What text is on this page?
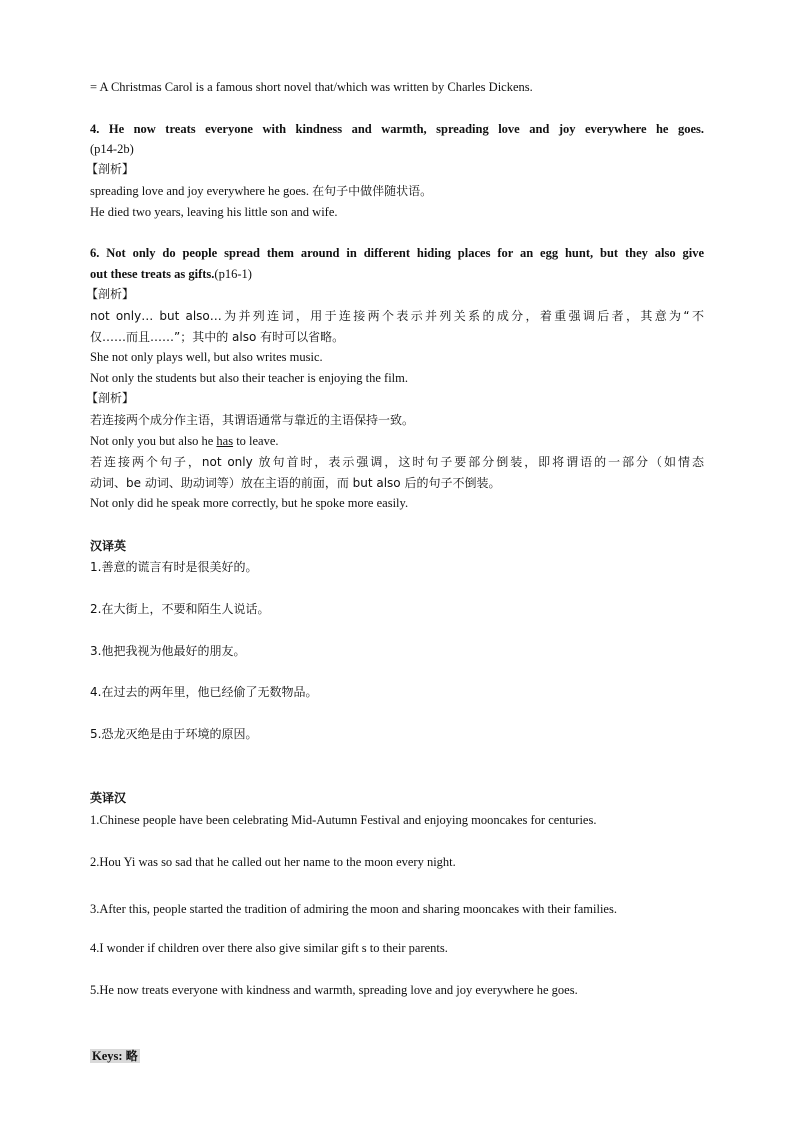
= A Christmas Carol is a famous short novel that/which was written by Charles Dickens.
4. He now treats everyone with kindness and warmth, spreading love and joy everywhere he goes.
(p14-2b)
【剖析】
spreading love and joy everywhere he goes. 在句子中做伴随状语。
He died two years, leaving his little son and wife.
6. Not only do people spread them around in different hiding places for an egg hunt, but they also give
out these treats as gifts.(p16-1)
【剖析】
not only… but also…为并列连词，用于连接两个表示并列关系的成分，着重强调后者，其意为“不
仅……而且……”；其中的 also 有时可以省略。
She not only plays well, but also writes music.
Not only the students but also their teacher is enjoying the film.
【剖析】
若连接两个成分作主语，其谓语通常与靠近的主语保持一致。
Not only you but also he has to leave.
若连接两个句子，not only 放句首时，表示强调，这时句子要部分倒装，即将谓语的一部分（如情态
动词、be 动词、助动词等）放在主语的前面，而 but also 后的句子不倒装。
Not only did he speak more correctly, but he spoke more easily.
汉译英
1.善意的谎言有时是很美好的。
2.在大街上，不要和陌生人说话。
3.他把我视为他最好的朋友。
4.在过去的两年里，他已经偷了无数物品。
5.恐龙灭绝是由于环境的原因。
英译汉
1.Chinese people have been celebrating Mid-Autumn Festival and enjoying mooncakes for centuries.
2.Hou Yi was so sad that he called out her name to the moon every night.
3.After this, people started the tradition of admiring the moon and sharing mooncakes with their families.
4.I wonder if children over there also give similar gift s to their parents.
5.He now treats everyone with kindness and warmth, spreading love and joy everywhere he goes.
Keys: 略
